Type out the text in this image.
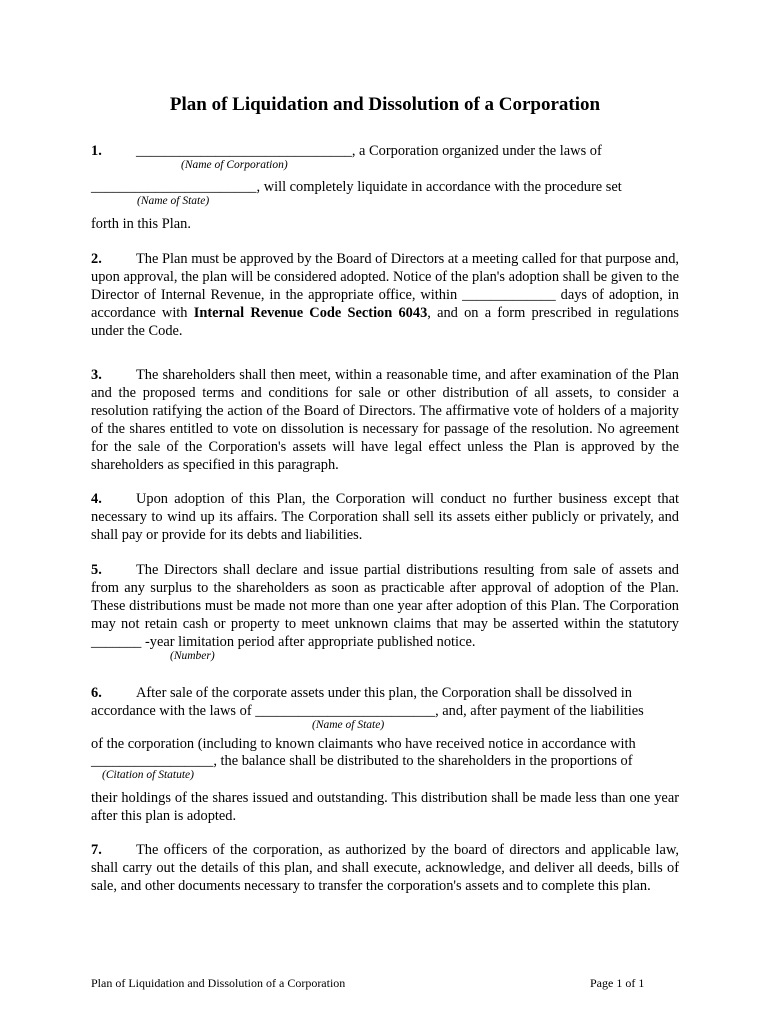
Plan of Liquidation and Dissolution of a Corporation

1. ______________________________, a Corporation organized under the laws of

(Name of Corporation)

_______________________, will completely liquidate in accordance with the procedure set

(Name of State)

forth in this Plan.

2. The Plan must be approved by the Board of Directors at a meeting called for that purpose and, upon approval, the plan will be considered adopted. Notice of the plan's adoption shall be given to the Director of Internal Revenue, in the appropriate office, within _____________ days of adoption, in accordance with Internal Revenue Code Section 6043, and on a form prescribed in regulations under the Code.

3. The shareholders shall then meet, within a reasonable time, and after examination of the Plan and the proposed terms and conditions for sale or other distribution of all assets, to consider a resolution ratifying the action of the Board of Directors. The affirmative vote of holders of a majority of the shares entitled to vote on dissolution is necessary for passage of the resolution. No agreement for the sale of the Corporation's assets will have legal effect unless the Plan is approved by the shareholders as specified in this paragraph.

4. Upon adoption of this Plan, the Corporation will conduct no further business except that necessary to wind up its affairs. The Corporation shall sell its assets either publicly or privately, and shall pay or provide for its debts and liabilities.

5. The Directors shall declare and issue partial distributions resulting from sale of assets and from any surplus to the shareholders as soon as practicable after approval of adoption of the Plan. These distributions must be made not more than one year after adoption of this Plan. The Corporation may not retain cash or property to meet unknown claims that may be asserted within the statutory _______ -year limitation period after appropriate published notice.

(Number)

6. After sale of the corporate assets under this plan, the Corporation shall be dissolved in

accordance with the laws of _________________________, and, after payment of the liabilities

(Name of State)

of the corporation (including to known claimants who have received notice in accordance with

_________________, the balance shall be distributed to the shareholders in the proportions of

(Citation of Statute)

their holdings of the shares issued and outstanding. This distribution shall be made less than one year after this plan is adopted.

7. The officers of the corporation, as authorized by the board of directors and applicable law, shall carry out the details of this plan, and shall execute, acknowledge, and deliver all deeds, bills of sale, and other documents necessary to transfer the corporation's assets and to complete this plan.

Plan of Liquidation and Dissolution of a Corporation	Page 1 of 1
